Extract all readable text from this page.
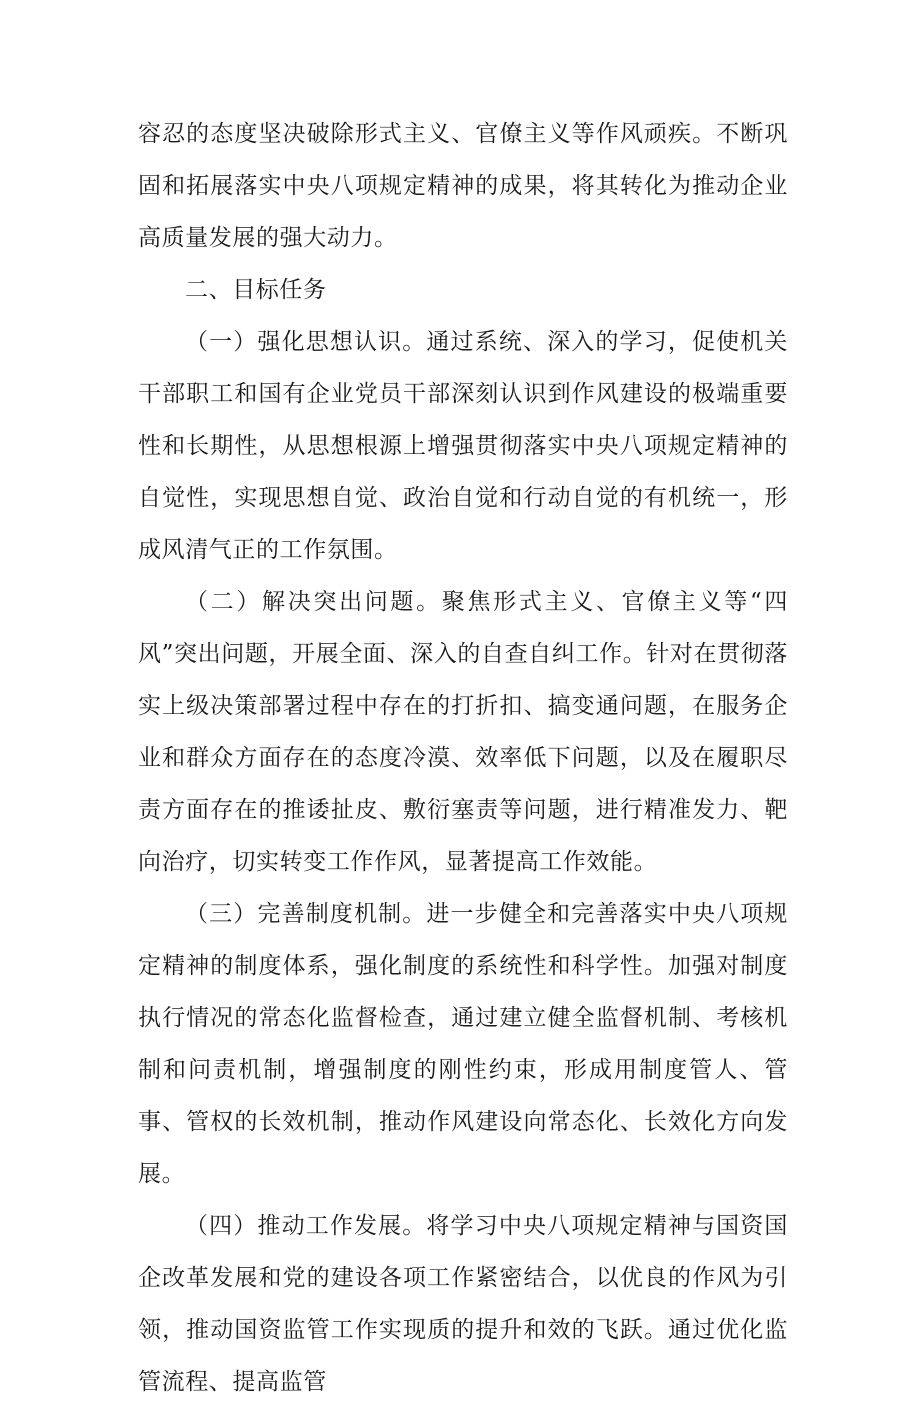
容忍的态度坚决破除形式主义、官僚主义等作风顽疾。不断巩固和拓展落实中央八项规定精神的成果，将其转化为推动企业高质量发展的强大动力。

二、目标任务

（一）强化思想认识。通过系统、深入的学习，促使机关干部职工和国有企业党员干部深刻认识到作风建设的极端重要性和长期性，从思想根源上增强贯彻落实中央八项规定精神的自觉性，实现思想自觉、政治自觉和行动自觉的有机统一，形成风清气正的工作氛围。

（二）解决突出问题。聚焦形式主义、官僚主义等“四风”突出问题，开展全面、深入的自查自纠工作。针对在贯彻落实上级决策部署过程中存在的打折扣、搞变通问题，在服务企业和群众方面存在的态度冷漠、效率低下问题，以及在履职尽责方面存在的推诿扯皮、敷衍塞责等问题，进行精准发力、靶向治疗，切实转变工作作风，显著提高工作效能。

（三）完善制度机制。进一步健全和完善落实中央八项规定精神的制度体系，强化制度的系统性和科学性。加强对制度执行情况的常态化监督检查，通过建立健全监督机制、考核机制和问责机制，增强制度的刚性约束，形成用制度管人、管事、管权的长效机制，推动作风建设向常态化、长效化方向发展。

（四）推动工作发展。将学习中央八项规定精神与国资国企改革发展和党的建设各项工作紧密结合，以优良的作风为引领，推动国资监管工作实现质的提升和效的飞跃。通过优化监管流程、提高监管
